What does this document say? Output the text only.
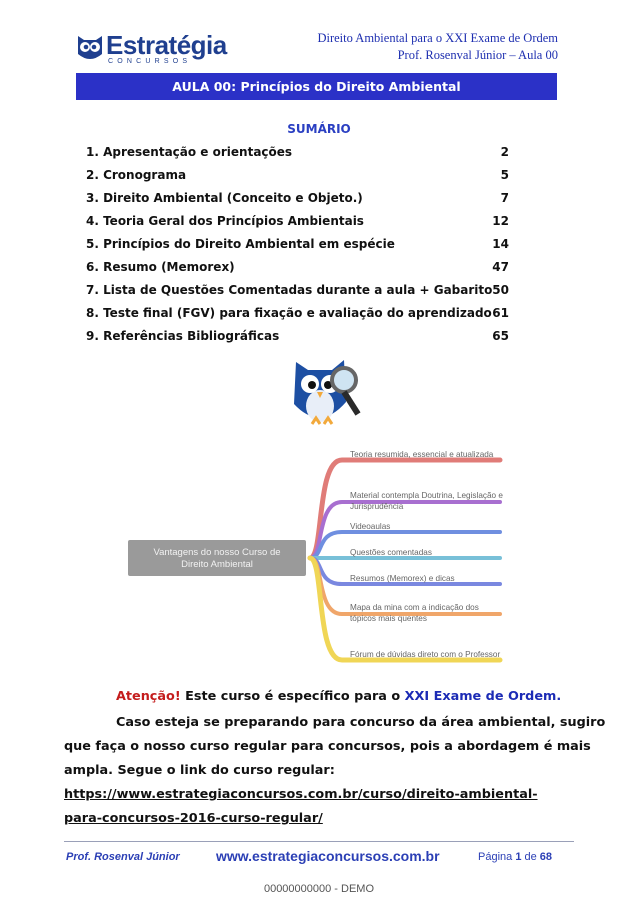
Estratégia
CONCURSOS
Direito Ambiental para o XXI Exame de Ordem
Prof. Rosenval Júnior – Aula 00
AULA 00: Princípios do Direito Ambiental
SUMÁRIO
1. Apresentação e orientações	2
2. Cronograma	5
3. Direito Ambiental (Conceito e Objeto.)	7
4. Teoria Geral dos Princípios Ambientais	12
5. Princípios do Direito Ambiental em espécie	14
6. Resumo (Memorex)	47
7. Lista de Questões Comentadas durante a aula + Gabarito 50
8. Teste final (FGV) para fixação e avaliação do aprendizado 61
9. Referências Bibliográficas	65
Teoria resumida, essencial e atualizada
Material contempla Doutrina, Legislação e
Jurisprudência
Videoaulas
Questões comentadas
Resumos (Memorex) e dicas
Mapa da mina com a indicação dos
tópicos mais quentes
Fórum de dúvidas direto com o Professor
Vantagens do nosso Curso de
Direito Ambiental
Atenção! Este curso é específico para o XXI Exame de Ordem.
Caso esteja se preparando para concurso da área ambiental, sugiro
que faça o nosso curso regular para concursos, pois a abordagem é mais
ampla. Segue o link do curso regular:
https://www.estrategiaconcursos.com.br/curso/direito-ambiental-
para-concursos-2016-curso-regular/
Prof. Rosenval Júnior	www.estrategiaconcursos.com.br	Página 1 de 68
00000000000 - DEMO
